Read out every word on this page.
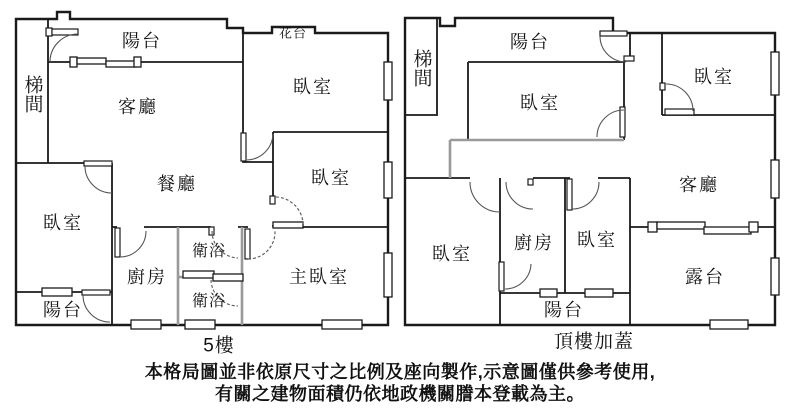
陽台	花台
梯間	客廳
臥室
餐廳	臥室
臥室
廚房
衛浴
衛浴
主臥室
陽台
5樓
梯間
陽台
臥室
臥室
客廳
臥室
廚房 臥室
陽台
露台
頂樓加蓋
本格局圖並非依原尺寸之比例及座向製作,示意圖僅供參考使用,
有關之建物面積仍依地政機關謄本登載為主。
